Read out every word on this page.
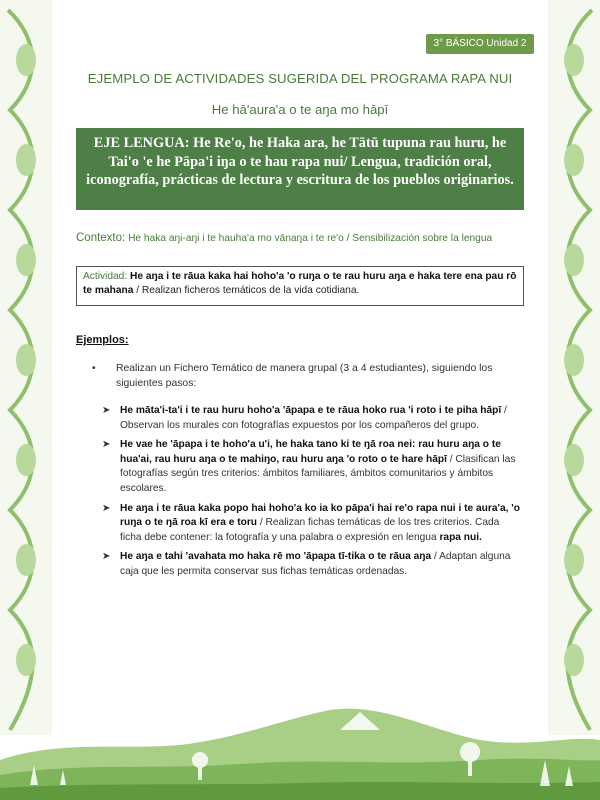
3° BÁSICO Unidad 2
EJEMPLO DE ACTIVIDADES SUGERIDA DEL PROGRAMA RAPA NUI
He hā'aura'a o te aŋa mo hāpī
EJE LENGUA: He Re'o, he Haka ara, he Tātū tupuna rau huru, he Tai'o 'e he Pāpa'i iŋa o te hau rapa nui/ Lengua, tradición oral, iconografía, prácticas de lectura y escritura de los pueblos originarios.
Contexto: He haka aŋi-aŋi i te hauha'a mo vānaŋa i te re'o / Sensibilización sobre la lengua
Actividad: He aŋa i te rāua kaka hai hoho'a 'o ruŋa o te rau huru aŋa e haka tere ena pau rō te mahana / Realizan ficheros temáticos de la vida cotidiana.
Ejemplos:
• Realizan un Fichero Temático de manera grupal (3 a 4 estudiantes), siguiendo los siguientes pasos:
➤ He māta'i-ta'i i te rau huru hoho'a 'āpapa e te rāua hoko rua 'i roto i te piha hāpī / Observan los murales con fotografías expuestos por los compañeros del grupo.
➤ He vae he 'āpapa i te hoho'a u'i, he haka tano ki te ŋā roa nei: rau huru aŋa o te hua'ai, rau huru aŋa o te mahiŋo, rau huru aŋa 'o roto o te hare hāpī / Clasifican las fotografías según tres criterios: ámbitos familiares, ámbitos comunitarios y ámbitos escolares.
➤ He aŋa i te rāua kaka popo hai hoho'a ko ia ko pāpa'i hai re'o rapa nui i te aura'a, 'o ruŋa o te ŋā roa kī era e toru / Realizan fichas temáticas de los tres criterios. Cada ficha debe contener: la fotografía y una palabra o expresión en lengua rapa nui.
➤ He aŋa e tahi 'avahata mo haka rē mo 'āpapa tī-tika o te rāua aŋa / Adaptan alguna caja que les permita conservar sus fichas temáticas ordenadas.
